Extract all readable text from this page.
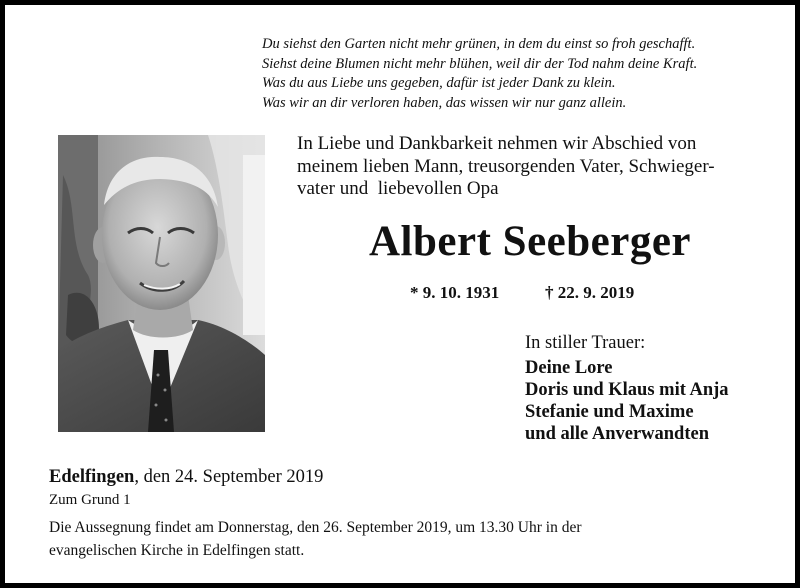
Du siehst den Garten nicht mehr grünen, in dem du einst so froh geschafft.
Siehst deine Blumen nicht mehr blühen, weil dir der Tod nahm deine Kraft.
Was du aus Liebe uns gegeben, dafür ist jeder Dank zu klein.
Was wir an dir verloren haben, das wissen wir nur ganz allein.
In Liebe und Dankbarkeit nehmen wir Abschied von
meinem lieben Mann, treusorgenden Vater, Schwieger-
vater und  liebevollen Opa
Albert Seeberger
* 9. 10. 1931	† 22. 9. 2019
In stiller Trauer:
Deine Lore
Doris und Klaus mit Anja
Stefanie und Maxime
und alle Anverwandten
Edelfingen, den 24. September 2019
Zum Grund 1
Die Aussegnung findet am Donnerstag, den 26. September 2019, um 13.30 Uhr in der
evangelischen Kirche in Edelfingen statt.
